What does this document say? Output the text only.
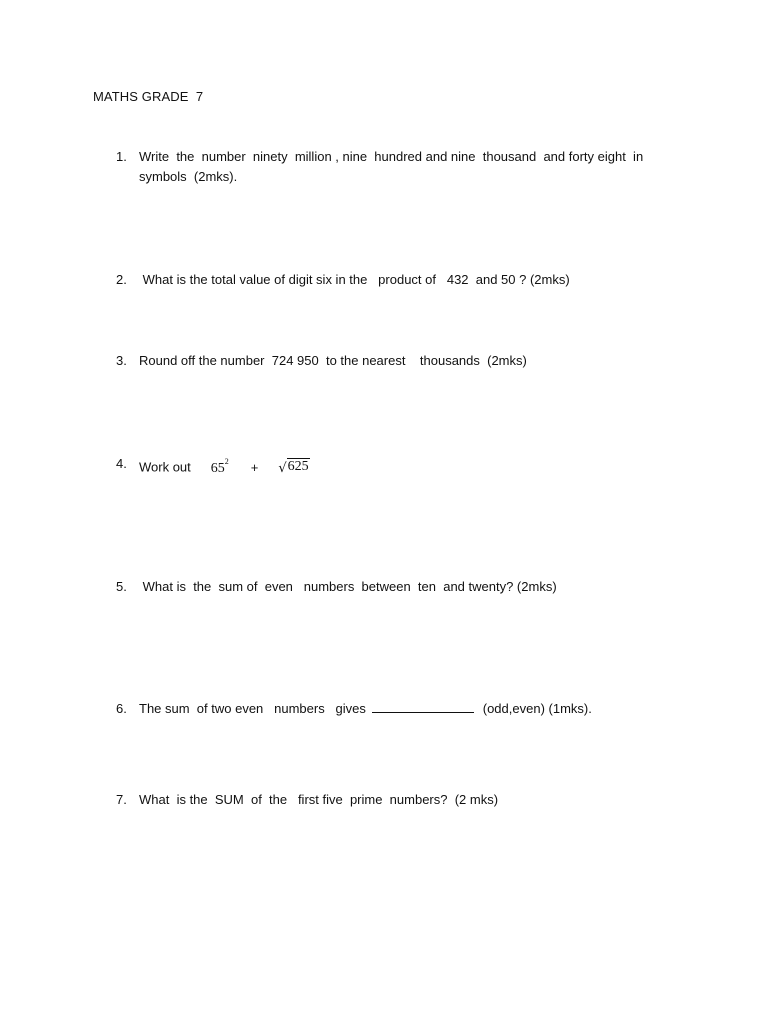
MATHS GRADE  7
1. Write  the  number  ninety  million , nine  hundred and nine  thousand  and forty eight  in symbols  (2mks).
2. What is the total value of digit six in the   product of   432  and 50 ? (2mks)
3. Round off the number  724 950  to the nearest    thousands  (2mks)
4. Work out $65^2$ + √ 625
5. What is  the  sum of  even   numbers  between  ten  and twenty? (2mks)
6. The sum  of two even   numbers   gives	(odd,even) (1mks).
7. What  is the  SUM  of  the   first five  prime  numbers?  (2 mks)
